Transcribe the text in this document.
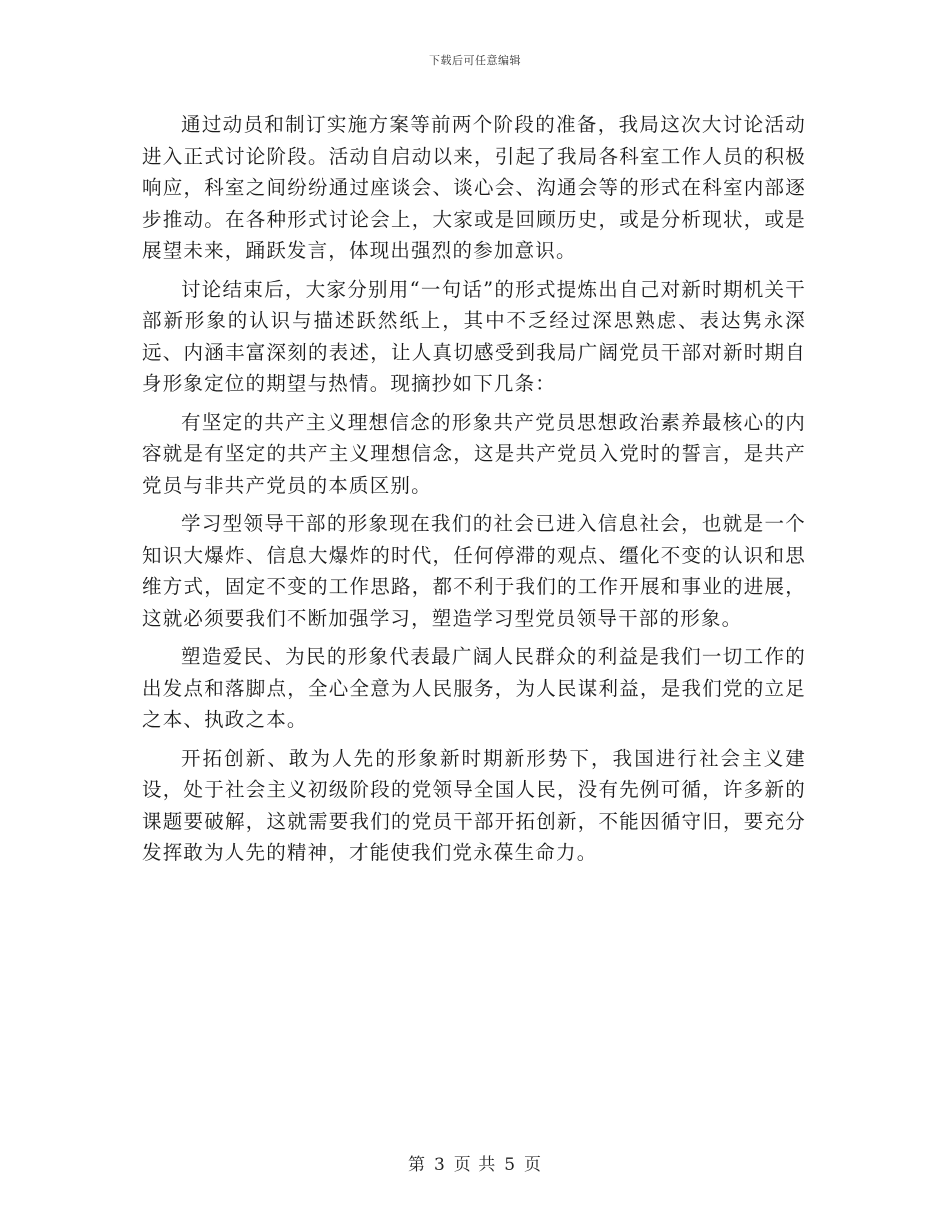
下载后可任意编辑

通过动员和制订实施方案等前两个阶段的准备，我局这次大讨论活动进入正式讨论阶段。活动自启动以来，引起了我局各科室工作人员的积极响应，科室之间纷纷通过座谈会、谈心会、沟通会等的形式在科室内部逐步推动。在各种形式讨论会上，大家或是回顾历史，或是分析现状，或是展望未来，踊跃发言，体现出强烈的参加意识。

讨论结束后，大家分别用“一句话”的形式提炼出自己对新时期机关干部新形象的认识与描述跃然纸上，其中不乏经过深思熟虑、表达隽永深远、内涵丰富深刻的表述，让人真切感受到我局广阔党员干部对新时期自身形象定位的期望与热情。现摘抄如下几条：

有坚定的共产主义理想信念的形象共产党员思想政治素养最核心的内容就是有坚定的共产主义理想信念，这是共产党员入党时的誓言，是共产党员与非共产党员的本质区别。

学习型领导干部的形象现在我们的社会已进入信息社会，也就是一个知识大爆炸、信息大爆炸的时代，任何停滞的观点、缰化不变的认识和思维方式，固定不变的工作思路，都不利于我们的工作开展和事业的进展，这就必须要我们不断加强学习，塑造学习型党员领导干部的形象。

塑造爱民、为民的形象代表最广阔人民群众的利益是我们一切工作的出发点和落脚点，全心全意为人民服务，为人民谋利益，是我们党的立足之本、执政之本。

开拓创新、敢为人先的形象新时期新形势下，我国进行社会主义建设，处于社会主义初级阶段的党领导全国人民，没有先例可循，许多新的课题要破解，这就需要我们的党员干部开拓创新，不能因循守旧，要充分发挥敢为人先的精神，才能使我们党永葆生命力。

第 3 页 共 5 页
